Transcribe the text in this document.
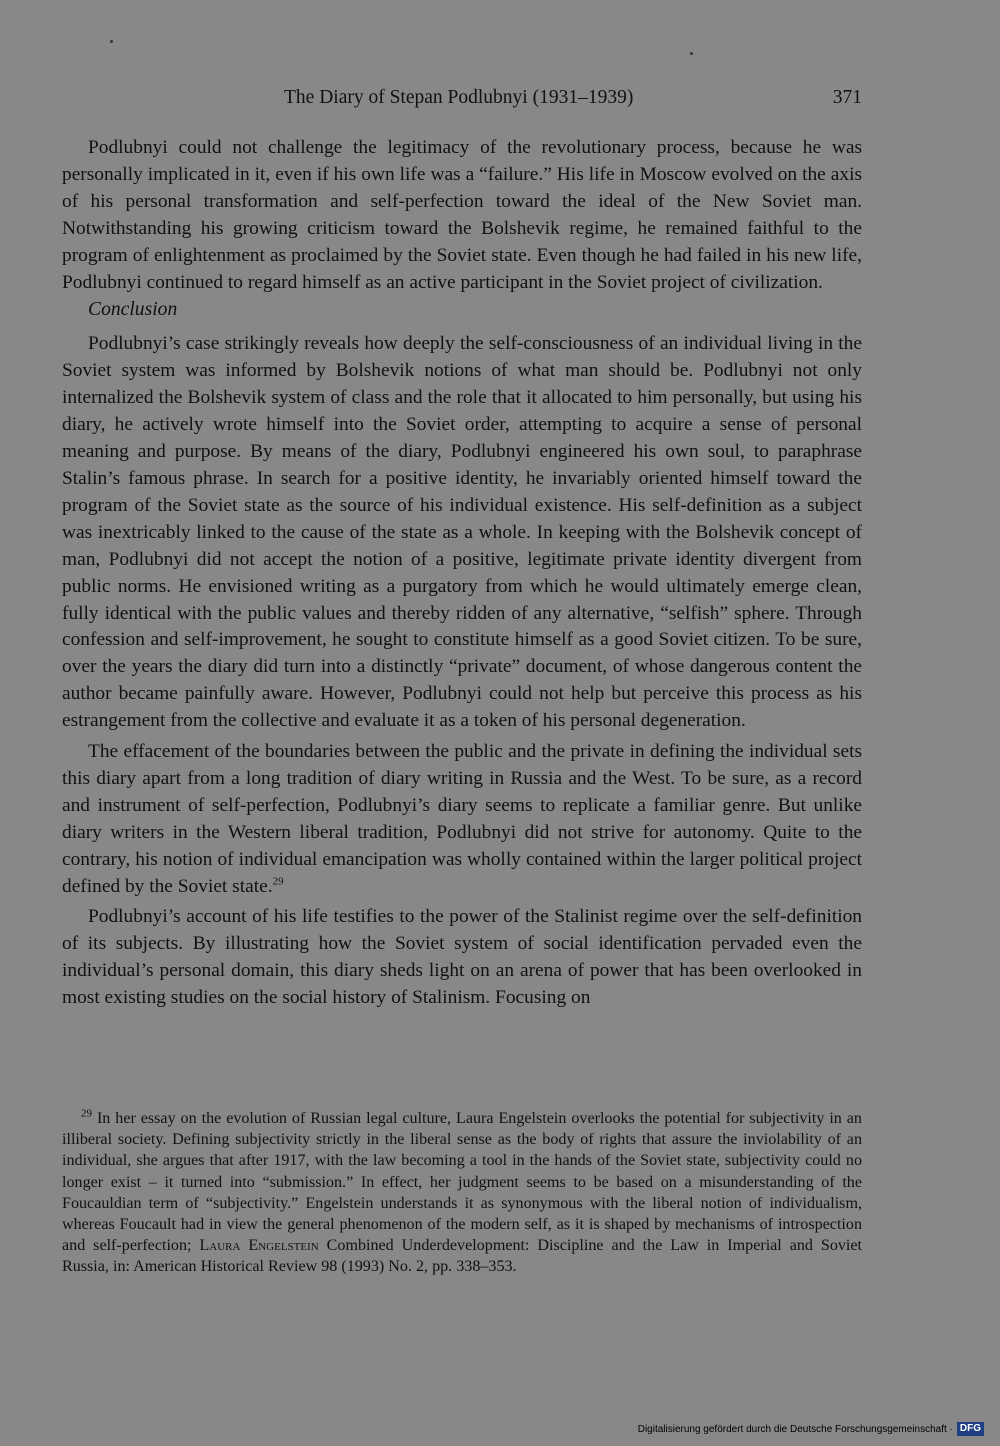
The Diary of Stepan Podlubnyi (1931–1939)	371

Podlubnyi could not challenge the legitimacy of the revolutionary process, because he was personally implicated in it, even if his own life was a “failure.” His life in Moscow evolved on the axis of his personal transformation and self-perfection toward the ideal of the New Soviet man. Notwithstanding his growing criticism toward the Bolshevik regime, he remained faithful to the program of enlightenment as proclaimed by the Soviet state. Even though he had failed in his new life, Podlubnyi continued to regard himself as an active participant in the Soviet project of civilization.

Conclusion

Podlubnyi’s case strikingly reveals how deeply the self-consciousness of an individual living in the Soviet system was informed by Bolshevik notions of what man should be. Podlubnyi not only internalized the Bolshevik system of class and the role that it allocated to him personally, but using his diary, he actively wrote himself into the Soviet order, attempting to acquire a sense of personal meaning and purpose. By means of the diary, Podlubnyi engineered his own soul, to paraphrase Stalin’s famous phrase. In search for a positive identity, he invariably oriented himself toward the program of the Soviet state as the source of his individual existence. His self-definition as a subject was inextricably linked to the cause of the state as a whole. In keeping with the Bolshevik concept of man, Podlubnyi did not accept the notion of a positive, legitimate private identity divergent from public norms. He envisioned writing as a purgatory from which he would ultimately emerge clean, fully identical with the public values and thereby ridden of any alternative, “selfish” sphere. Through confession and self-improvement, he sought to constitute himself as a good Soviet citizen. To be sure, over the years the diary did turn into a distinctly “private” document, of whose dangerous content the author became painfully aware. However, Podlubnyi could not help but perceive this process as his estrangement from the collective and evaluate it as a token of his personal degeneration.

The effacement of the boundaries between the public and the private in defining the individual sets this diary apart from a long tradition of diary writing in Russia and the West. To be sure, as a record and instrument of self-perfection, Podlubnyi’s diary seems to replicate a familiar genre. But unlike diary writers in the Western liberal tradition, Podlubnyi did not strive for autonomy. Quite to the contrary, his notion of individual emancipation was wholly contained within the larger political project defined by the Soviet state.$^{29}$

Podlubnyi’s account of his life testifies to the power of the Stalinist regime over the self-definition of its subjects. By illustrating how the Soviet system of social identification pervaded even the individual’s personal domain, this diary sheds light on an arena of power that has been overlooked in most existing studies on the social history of Stalinism. Focusing on

$^{29}$ In her essay on the evolution of Russian legal culture, Laura Engelstein overlooks the potential for subjectivity in an illiberal society. Defining subjectivity strictly in the liberal sense as the body of rights that assure the inviolability of an individual, she argues that after 1917, with the law becoming a tool in the hands of the Soviet state, subjectivity could no longer exist – it turned into “submission.” In effect, her judgment seems to be based on a misunderstanding of the Foucauldian term of “subjectivity.” Engelstein understands it as synonymous with the liberal notion of individualism, whereas Foucault had in view the general phenomenon of the modern self, as it is shaped by mechanisms of introspection and self-perfection; Laura Engelstein Combined Underdevelopment: Discipline and the Law in Imperial and Soviet Russia, in: American Historical Review 98 (1993) No. 2, pp. 338–353.

Digitalisierung gefördert durch die Deutsche Forschungsgemeinschaft · DFG
